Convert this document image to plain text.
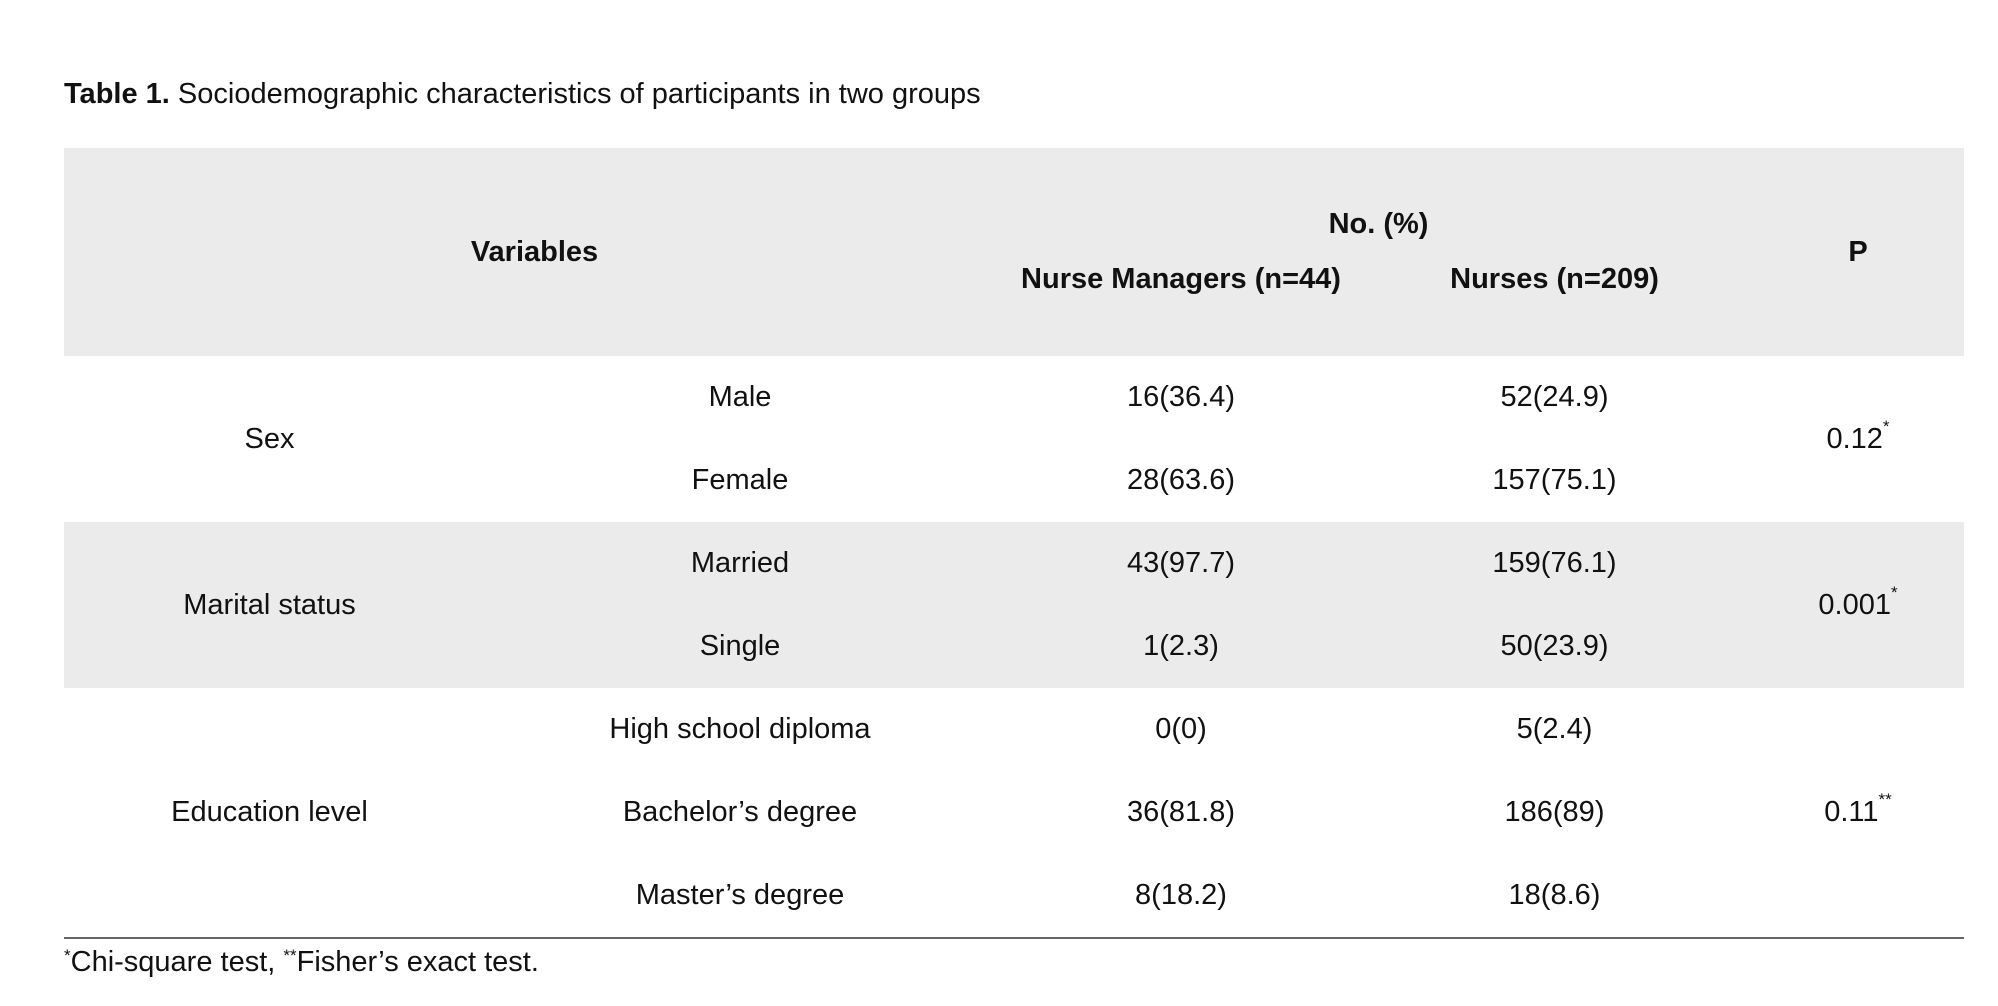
Table 1. Sociodemographic characteristics of participants in two groups
Variables		No. (%)		P
		Nurse Managers (n=44)	Nurses (n=209)	
Sex	Male	16(36.4)	52(24.9)	0.12*
	Female	28(63.6)	157(75.1)	
Marital status	Married	43(97.7)	159(76.1)	0.001*
	Single	1(2.3)	50(23.9)	
Education level	High school diploma	0(0)	5(2.4)	0.11**
	Bachelor’s degree	36(81.8)	186(89)	
	Master’s degree	8(18.2)	18(8.6)	
*Chi-square test, **Fisher’s exact test.
